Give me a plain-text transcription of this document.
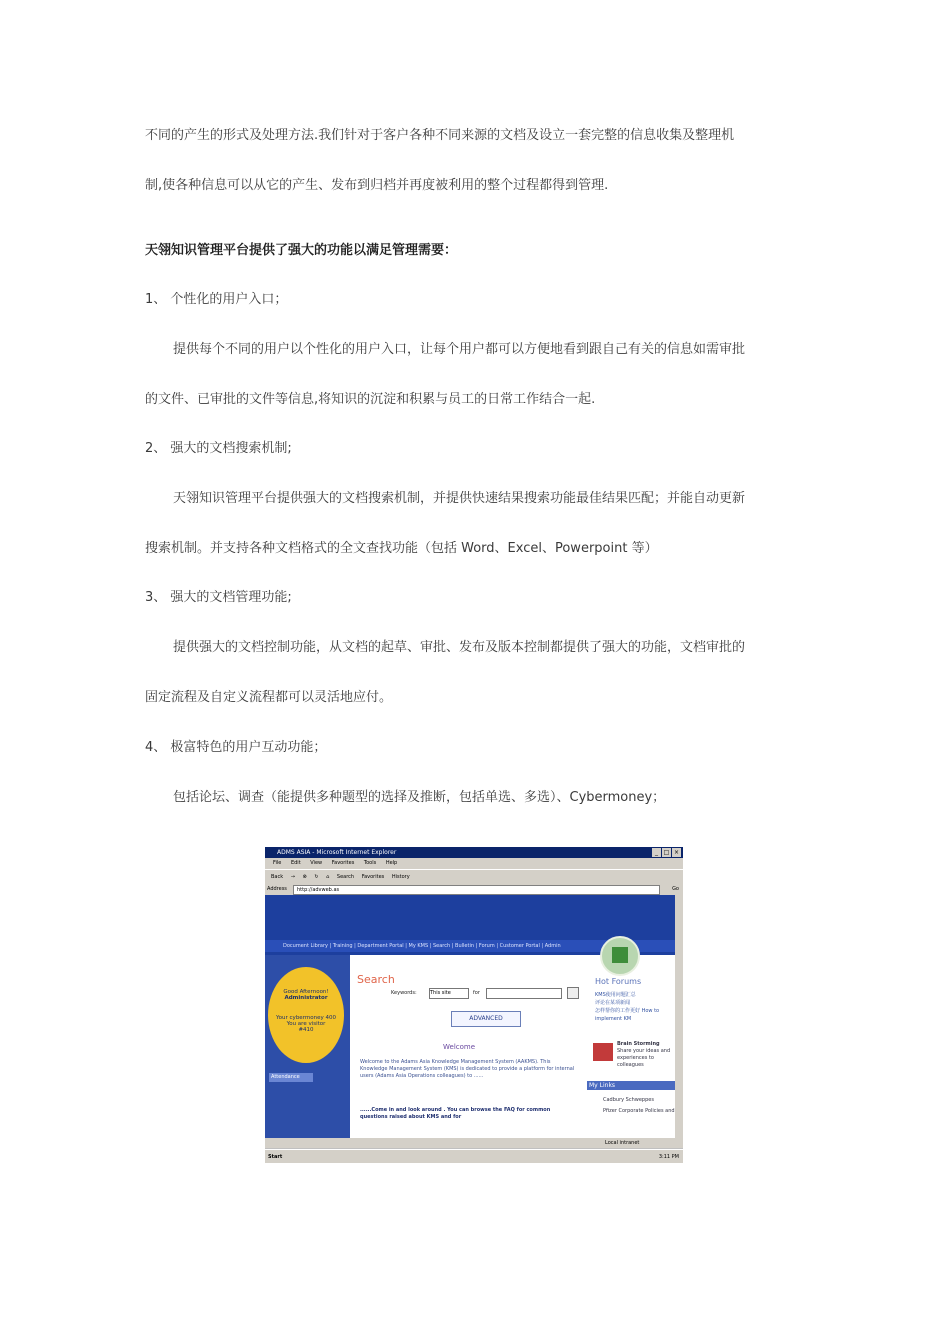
不同的产生的形式及处理方法.我们针对于客户各种不同来源的文档及设立一套完整的信息收集及整理机
制,使各种信息可以从它的产生、发布到归档并再度被利用的整个过程都得到管理.
天翎知识管理平台提供了强大的功能以满足管理需要：
1、 个性化的用户入口；
提供每个不同的用户以个性化的用户入口，让每个用户都可以方便地看到跟自己有关的信息如需审批
的文件、已审批的文件等信息,将知识的沉淀和积累与员工的日常工作结合一起.
2、 强大的文档搜索机制;
天翎知识管理平台提供强大的文档搜索机制，并提供快速结果搜索功能最佳结果匹配；并能自动更新
搜索机制。并支持各种文档格式的全文查找功能（包括 Word、Excel、Powerpoint 等）
3、 强大的文档管理功能;
提供强大的文档控制功能，从文档的起草、审批、发布及版本控制都提供了强大的功能，文档审批的
固定流程及自定义流程都可以灵活地应付。
4、 极富特色的用户互动功能；
包括论坛、调查（能提供多种题型的选择及推断，包括单选、多选）、Cybermoney；
ADMS ASIA - Microsoft Internet Explorer	_ □ ×
File Edit View Favorites Tools Help
Back → ⊗ ↻ ⌂ Search Favorites History
Address	http://advweb.as	Go
Document Library | Training | Department Portal | My KMS | Search | Bulletin | Forum | Customer Portal | Admin
Good Afternoon!
Administrator
Your cybermoney 400
You are visitor
#410
Attendance
Search
Keywords:	This site	for
ADVANCED
Welcome
Welcome to the Adams Asia Knowledge Management System (AAKMS). This Knowledge Management System (KMS) is dedicated to provide a platform for internal users (Adams Asia Operations colleagues) to ......
......Come in and look around . You can browse the FAQ for common questions raised about KMS and for
Hot Forums
KMS使用问题汇总
评论在某项新闻
怎样帮你的工作更好 How to implement KM
Brain Storming
Share your ideas and experiences to colleagues
My Links
Cadbury Schweppes
Pfizer Corporate Policies and
Local intranet
Start	3:11 PM
